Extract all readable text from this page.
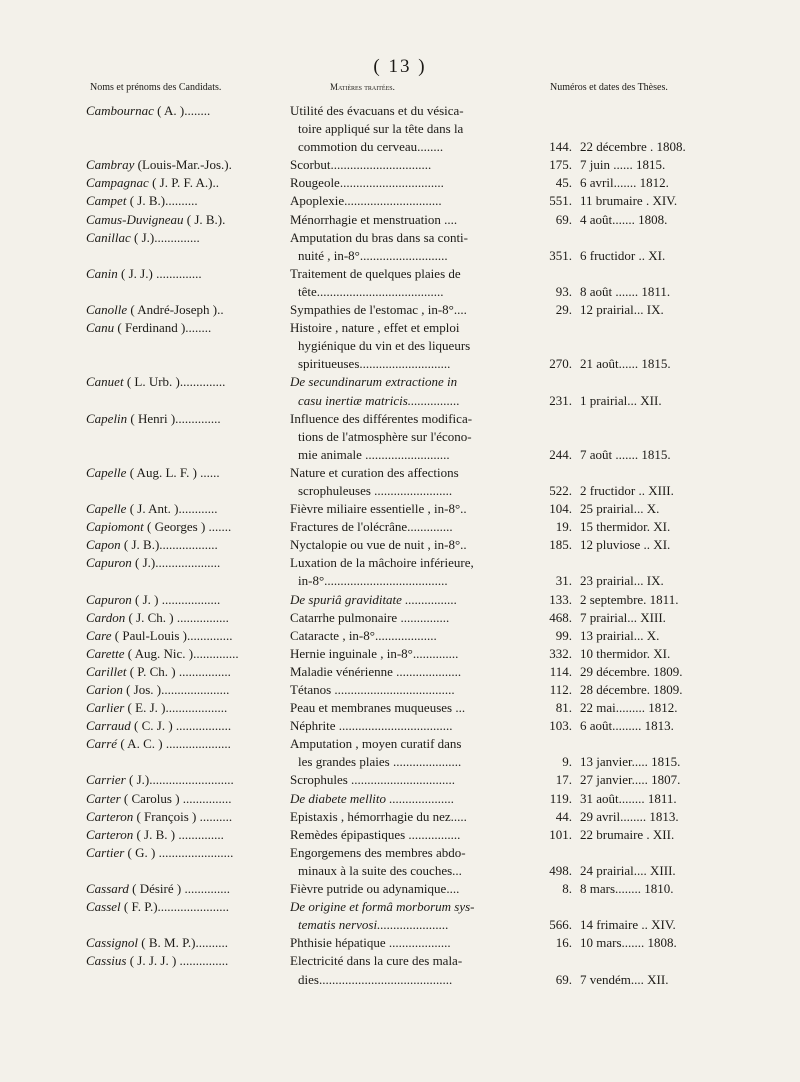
( 13 )
Noms et prénoms des Candidats.	Matières traitées.	Numéros et dates des Thèses.
Cambournac ( A. )........	Utilité des évacuans et du vésica-
toire appliqué sur la tête dans la
commotion du cerveau........	144. 22 décembre . 1808.
Cambray (Louis-Mar.-Jos.).	Scorbut...............................	175. 7 juin ...... 1815.
Campagnac ( J. P. F. A.)..	Rougeole................................	45. 6 avril....... 1812.
Campet ( J. B.)..........	Apoplexie..............................	551. 11 brumaire . XIV.
Camus-Duvigneau ( J. B.).	Ménorrhagie et menstruation ....	69. 4 août....... 1808.
Canillac ( J.)..............	Amputation du bras dans sa conti-
nuité , in-8°...........................	351. 6 fructidor .. XI.
Canin ( J. J.) ..............	Traitement de quelques plaies de
tête.......................................	93. 8 août ....... 1811.
Canolle ( André-Joseph )..	Sympathies de l'estomac , in-8°....	29. 12 prairial... IX.
Canu ( Ferdinand )........	Histoire , nature , effet et emploi
hygiénique du vin et des liqueurs
spiritueuses............................	270. 21 août...... 1815.
Canuet ( L. Urb. )..............	De secundinarum extractione in
casu inertiæ matricis................	231. 1 prairial... XII.
Capelin ( Henri )..............	Influence des différentes modifica-
tions de l'atmosphère sur l'écono-
mie animale ..........................	244. 7 août ....... 1815.
Capelle ( Aug. L. F. ) ......	Nature et curation des affections
scrophuleuses ........................	522. 2 fructidor .. XIII.
Capelle ( J. Ant. )............	Fièvre miliaire essentielle , in-8°..	104. 25 prairial... X.
Capiomont ( Georges ) .......	Fractures de l'olécrâne..............	19. 15 thermidor. XI.
Capon ( J. B.)..................	Nyctalopie ou vue de nuit , in-8°..	185. 12 pluviose .. XI.
Capuron ( J.)....................	Luxation de la mâchoire inférieure,
in-8°......................................	31. 23 prairial... IX.
Capuron ( J. ) ..................	De spuriâ graviditate ................	133. 2 septembre. 1811.
Cardon ( J. Ch. ) ................	Catarrhe pulmonaire ...............	468. 7 prairial... XIII.
Care ( Paul-Louis )..............	Cataracte , in-8°...................	99. 13 prairial... X.
Carette ( Aug. Nic. )..............	Hernie inguinale , in-8°..............	332. 10 thermidor. XI.
Carillet ( P. Ch. ) ................	Maladie vénérienne ....................	114. 29 décembre. 1809.
Carion ( Jos. ).....................	Tétanos .....................................	112. 28 décembre. 1809.
Carlier ( E. J. )...................	Peau et membranes muqueuses ...	81. 22 mai......... 1812.
Carraud ( C. J. ) .................	Néphrite ...................................	103. 6 août......... 1813.
Carré ( A. C. ) ....................	Amputation , moyen curatif dans
les grandes plaies .....................	9. 13 janvier..... 1815.
Carrier ( J.)..........................	Scrophules ................................	17. 27 janvier..... 1807.
Carter ( Carolus ) ...............	De diabete mellito ....................	119. 31 août........ 1811.
Carteron ( François ) ..........	Epistaxis , hémorrhagie du nez.....	44. 29 avril........ 1813.
Carteron ( J. B. ) ..............	Remèdes épipastiques ................	101. 22 brumaire . XII.
Cartier ( G. ) .......................	Engorgemens des membres abdo-
minaux à la suite des couches...	498. 24 prairial.... XIII.
Cassard ( Désiré ) ..............	Fièvre putride ou adynamique....	8. 8 mars........ 1810.
Cassel ( F. P.)......................	De origine et formâ morborum sys-
tematis nervosi......................	566. 14 frimaire .. XIV.
Cassignol ( B. M. P.)..........	Phthisie hépatique ...................	16. 10 mars....... 1808.
Cassius ( J. J. J. ) ...............	Electricité dans la cure des mala-
dies.........................................	69. 7 vendém.... XII.
